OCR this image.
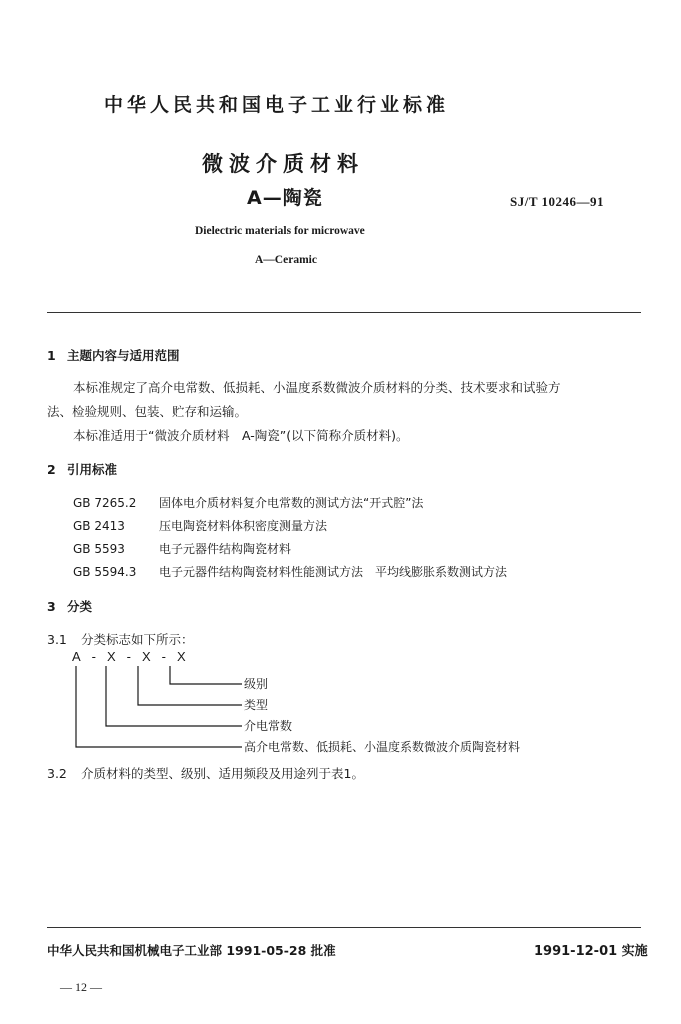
中华人民共和国电子工业行业标准
微波介质材料
A—陶瓷	SJ/T 10246—91
Dielectric materials for microwave
A—Ceramic
1 主题内容与适用范围
本标准规定了高介电常数、低损耗、小温度系数微波介质材料的分类、技术要求和试验方
法、检验规则、包装、贮存和运输。
本标准适用于“微波介质材料　A-陶瓷”(以下简称介质材料)。
2 引用标准
GB 7265.2 固体电介质材料复介电常数的测试方法“开式腔”法
GB 2413	压电陶瓷材料体积密度测量方法
GB 5593	电子元器件结构陶瓷材料
GB 5594.3 电子元器件结构陶瓷材料性能测试方法　平均线膨胀系数测试方法
3 分类
3.1 分类标志如下所示：
A-X-X-X
级别
类型
介电常数
高介电常数、低损耗、小温度系数微波介质陶瓷材料
3.2 介质材料的类型、级别、适用频段及用途列于表1。
中华人民共和国机械电子工业部 1991-05-28 批准	1991-12-01 实施
— 12 —
